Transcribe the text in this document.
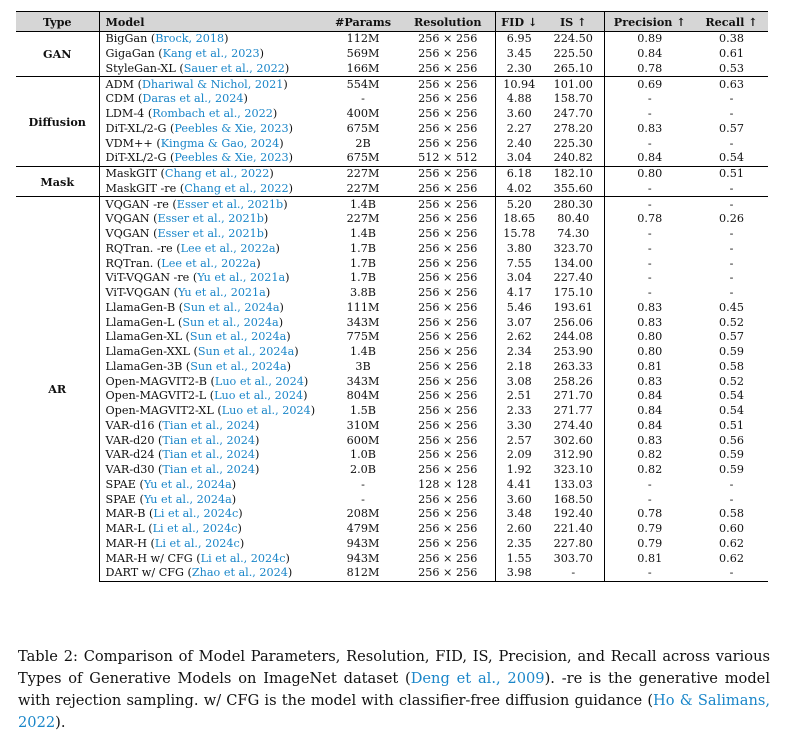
Type	Model	#Params	Resolution	FID ↓	IS ↑	Precision ↑	Recall ↑
GAN	BigGan (Brock, 2018)	112M	256 × 256	6.95	224.50	0.89	0.38
	GigaGan (Kang et al., 2023)	569M	256 × 256	3.45	225.50	0.84	0.61
	StyleGan-XL (Sauer et al., 2022)	166M	256 × 256	2.30	265.10	0.78	0.53
Diffusion	ADM (Dhariwal & Nichol, 2021)	554M	256 × 256	10.94	101.00	0.69	0.63
	CDM (Daras et al., 2024)	-	256 × 256	4.88	158.70	-	-
	LDM-4 (Rombach et al., 2022)	400M	256 × 256	3.60	247.70	-	-
	DiT-XL/2-G (Peebles & Xie, 2023)	675M	256 × 256	2.27	278.20	0.83	0.57
	VDM++ (Kingma & Gao, 2024)	2B	256 × 256	2.40	225.30	-	-
	DiT-XL/2-G (Peebles & Xie, 2023)	675M	512 × 512	3.04	240.82	0.84	0.54
Mask	MaskGIT (Chang et al., 2022)	227M	256 × 256	6.18	182.10	0.80	0.51
	MaskGIT -re (Chang et al., 2022)	227M	256 × 256	4.02	355.60	-	-
AR	VQGAN -re (Esser et al., 2021b)	1.4B	256 × 256	5.20	280.30	-	-
	VQGAN (Esser et al., 2021b)	227M	256 × 256	18.65	80.40	0.78	0.26
	VQGAN (Esser et al., 2021b)	1.4B	256 × 256	15.78	74.30	-	-
	RQTran. -re (Lee et al., 2022a)	1.7B	256 × 256	3.80	323.70	-	-
	RQTran. (Lee et al., 2022a)	1.7B	256 × 256	7.55	134.00	-	-
	ViT-VQGAN -re (Yu et al., 2021a)	1.7B	256 × 256	3.04	227.40	-	-
	ViT-VQGAN (Yu et al., 2021a)	3.8B	256 × 256	4.17	175.10	-	-
	LlamaGen-B (Sun et al., 2024a)	111M	256 × 256	5.46	193.61	0.83	0.45
	LlamaGen-L (Sun et al., 2024a)	343M	256 × 256	3.07	256.06	0.83	0.52
	LlamaGen-XL (Sun et al., 2024a)	775M	256 × 256	2.62	244.08	0.80	0.57
	LlamaGen-XXL (Sun et al., 2024a)	1.4B	256 × 256	2.34	253.90	0.80	0.59
	LlamaGen-3B (Sun et al., 2024a)	3B	256 × 256	2.18	263.33	0.81	0.58
	Open-MAGVIT2-B (Luo et al., 2024)	343M	256 × 256	3.08	258.26	0.83	0.52
	Open-MAGVIT2-L (Luo et al., 2024)	804M	256 × 256	2.51	271.70	0.84	0.54
	Open-MAGVIT2-XL (Luo et al., 2024)	1.5B	256 × 256	2.33	271.77	0.84	0.54
	VAR-d16 (Tian et al., 2024)	310M	256 × 256	3.30	274.40	0.84	0.51
	VAR-d20 (Tian et al., 2024)	600M	256 × 256	2.57	302.60	0.83	0.56
	VAR-d24 (Tian et al., 2024)	1.0B	256 × 256	2.09	312.90	0.82	0.59
	VAR-d30 (Tian et al., 2024)	2.0B	256 × 256	1.92	323.10	0.82	0.59
	SPAE (Yu et al., 2024a)	-	128 × 128	4.41	133.03	-	-
	SPAE (Yu et al., 2024a)	-	256 × 256	3.60	168.50	-	-
	MAR-B (Li et al., 2024c)	208M	256 × 256	3.48	192.40	0.78	0.58
	MAR-L (Li et al., 2024c)	479M	256 × 256	2.60	221.40	0.79	0.60
	MAR-H (Li et al., 2024c)	943M	256 × 256	2.35	227.80	0.79	0.62
	MAR-H w/ CFG (Li et al., 2024c)	943M	256 × 256	1.55	303.70	0.81	0.62
	DART w/ CFG (Zhao et al., 2024)	812M	256 × 256	3.98	-	-	-
Table 2: Comparison of Model Parameters, Resolution, FID, IS, Precision, and Recall across various Types of Generative Models on ImageNet dataset (Deng et al., 2009). -re is the generative model with rejection sampling. w/ CFG is the model with classifier-free diffusion guidance (Ho & Salimans, 2022).
